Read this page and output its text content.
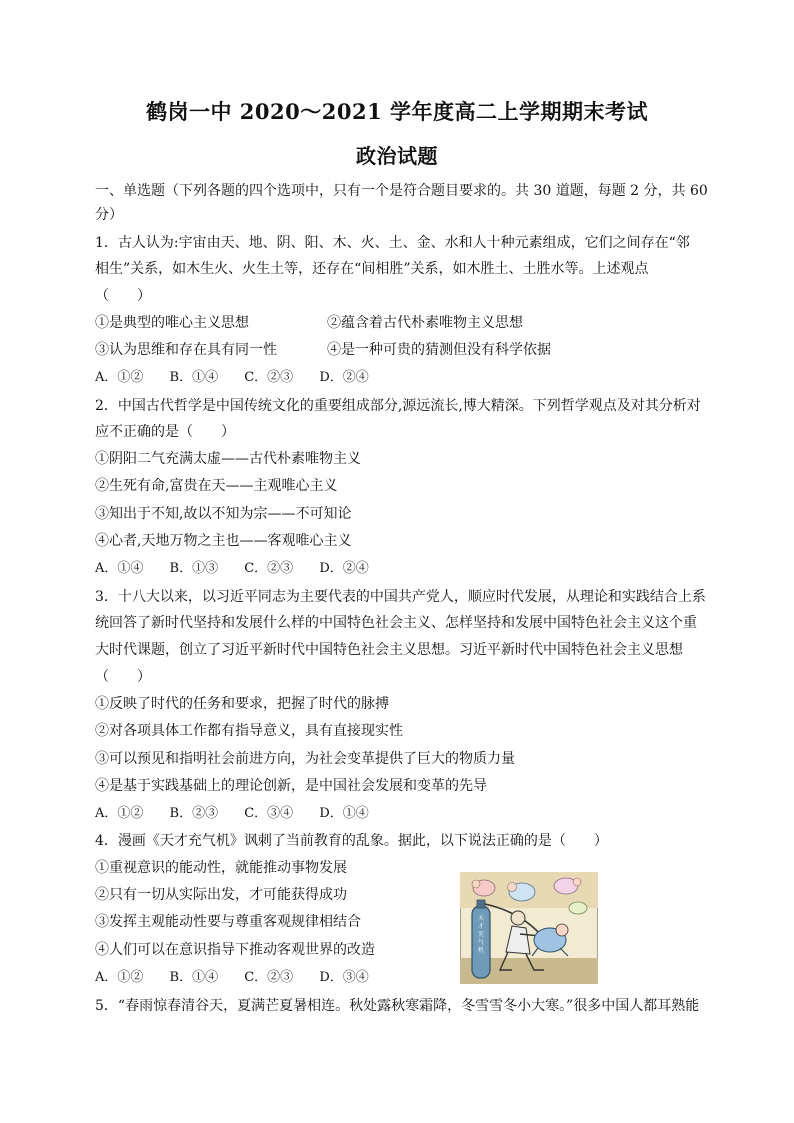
鹤岗一中 2020～2021 学年度高二上学期期末考试
政治试题
一、单选题（下列各题的四个选项中，只有一个是符合题目要求的。共 30 道题，每题 2 分，共 60
分）
1．古人认为:宇宙由天、地、阴、阳、木、火、土、金、水和人十种元素组成，它们之间存在“邻
相生”关系，如木生火、火生土等，还存在“间相胜”关系，如木胜土、土胜水等。上述观点
（　　）
①是典型的唯心主义思想	②蕴含着古代朴素唯物主义思想
③认为思维和存在具有同一性	④是一种可贵的猜测但没有科学依据
A．①② B．①④ C．②③ D．②④
2．中国古代哲学是中国传统文化的重要组成部分,源远流长,博大精深。下列哲学观点及对其分析对
应不正确的是（　　）
①阴阳二气充满太虚——古代朴素唯物主义
②生死有命,富贵在天——主观唯心主义
③知出于不知,故以不知为宗——不可知论
④心者,天地万物之主也——客观唯心主义
A．①④ B．①③ C．②③ D．②④
3．十八大以来，以习近平同志为主要代表的中国共产党人，顺应时代发展，从理论和实践结合上系
统回答了新时代坚持和发展什么样的中国特色社会主义、怎样坚持和发展中国特色社会主义这个重
大时代课题，创立了习近平新时代中国特色社会主义思想。习近平新时代中国特色社会主义思想
（　　）
①反映了时代的任务和要求，把握了时代的脉搏
②对各项具体工作都有指导意义，具有直接现实性
③可以预见和指明社会前进方向，为社会变革提供了巨大的物质力量
④是基于实践基础上的理论创新，是中国社会发展和变革的先导
A．①② B．②③ C．③④ D．①④
4．漫画《天才充气机》讽刺了当前教育的乱象。据此，以下说法正确的是（　　）
①重视意识的能动性，就能推动事物发展
②只有一切从实际出发，才可能获得成功
③发挥主观能动性要与尊重客观规律相结合
④人们可以在意识指导下推动客观世界的改造
A．①② B．①④ C．②③ D．③④
天才充气机
5．“春雨惊春清谷天，夏满芒夏暑相连。秋处露秋寒霜降，冬雪雪冬小大寒。”很多中国人都耳熟能
